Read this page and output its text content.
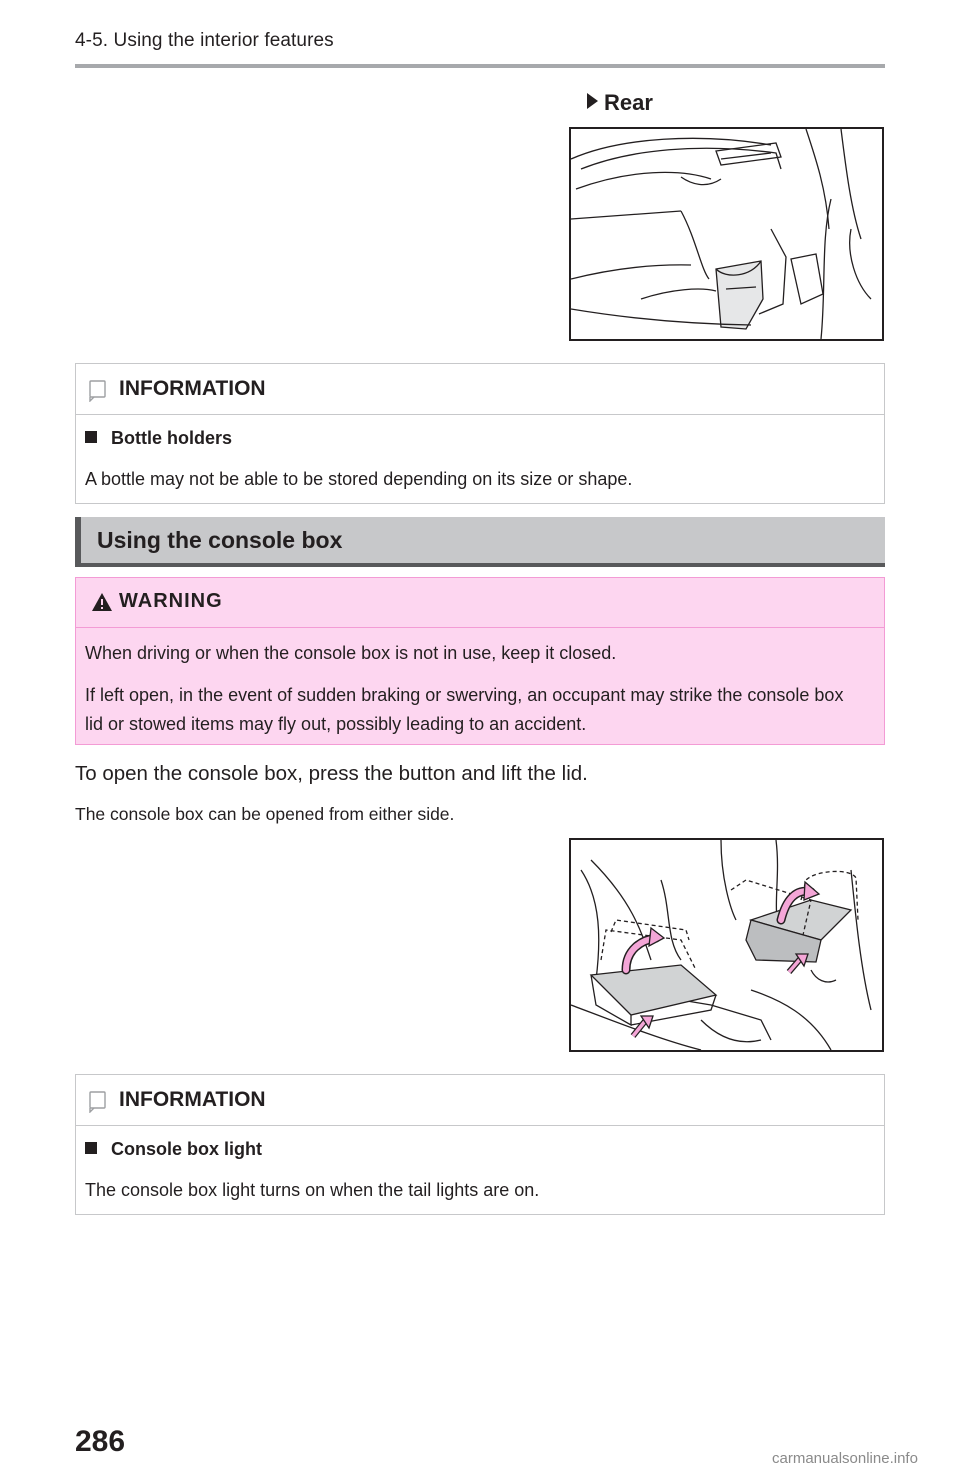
4-5. Using the interior features
Rear
INFORMATION
Bottle holders
A bottle may not be able to be stored depending on its size or shape.
Using the console box
WARNING
When driving or when the console box is not in use, keep it closed.
If left open, in the event of sudden braking or swerving, an occupant may strike the console box lid or stowed items may fly out, possibly leading to an accident.
To open the console box, press the button and lift the lid.
The console box can be opened from either side.
INFORMATION
Console box light
The console box light turns on when the tail lights are on.
286
carmanualsonline.info
